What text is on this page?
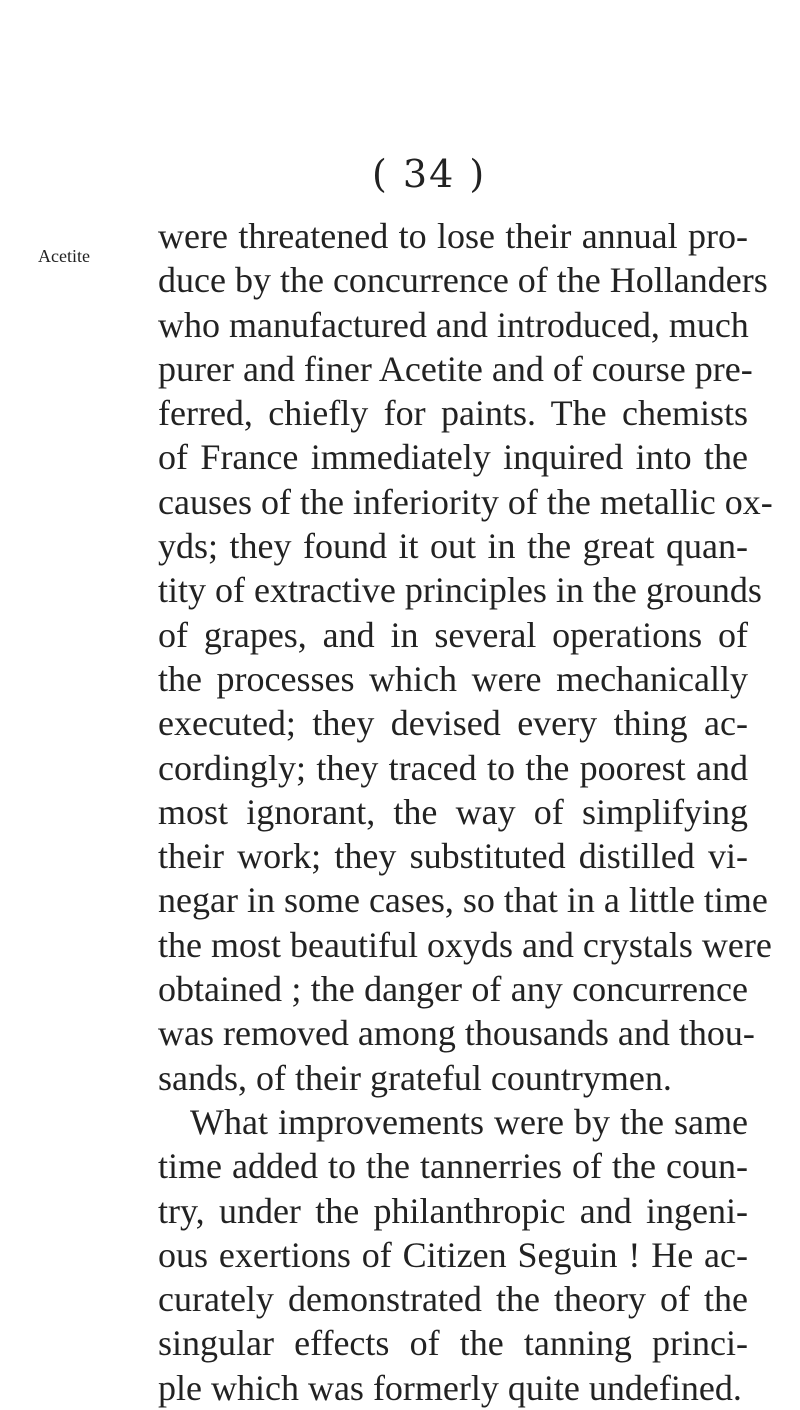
( 34 )
Acetite were threatened to lose their annual pro-
duce by the concurrence of the Hollanders
who manufactured and introduced, much
purer and finer Acetite and of course pre-
ferred, chiefly for paints. The chemists
of France immediately inquired into the
causes of the inferiority of the metallic ox-
yds; they found it out in the great quan-
tity of extractive principles in the grounds
of grapes, and in several operations of
the processes which were mechanically
executed; they devised every thing ac-
cordingly; they traced to the poorest and
most ignorant, the way of simplifying
their work; they substituted distilled vi-
negar in some cases, so that in a little time
the most beautiful oxyds and crystals were
obtained ; the danger of any concurrence
was removed among thousands and thou-
sands, of their grateful countrymen.
What improvements were by the same
time added to the tannerries of the coun-
try, under the philanthropic and ingeni-
ous exertions of Citizen Seguin ! He ac-
curately demonstrated the theory of the
singular effects of the tanning princi-
ple which was formerly quite undefined.
